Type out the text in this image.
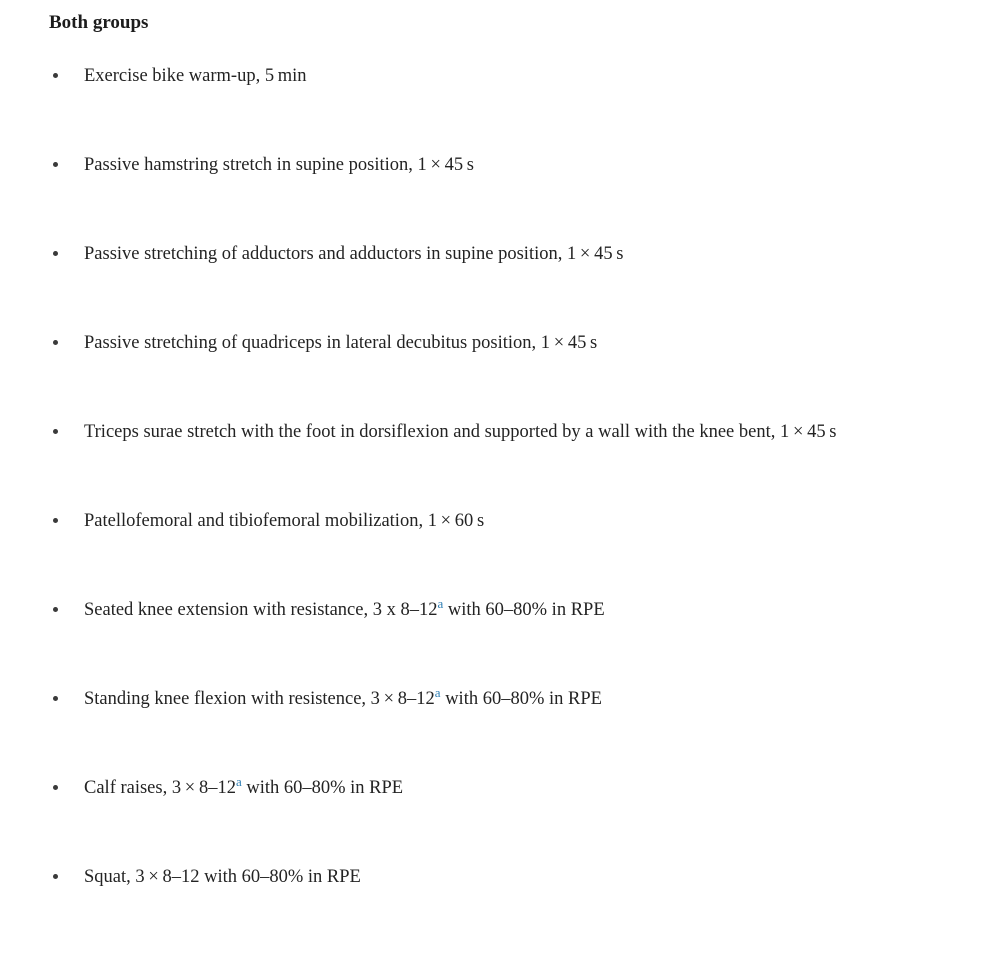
Both groups
Exercise bike warm-up, 5 min
Passive hamstring stretch in supine position, 1 × 45 s
Passive stretching of adductors and adductors in supine position, 1 × 45 s
Passive stretching of quadriceps in lateral decubitus position, 1 × 45 s
Triceps surae stretch with the foot in dorsiflexion and supported by a wall with the knee bent, 1 × 45 s
Patellofemoral and tibiofemoral mobilization, 1 × 60 s
Seated knee extension with resistance, 3 x 8–12$^a$ with 60–80% in RPE
Standing knee flexion with resistence, 3 × 8–12$^a$ with 60–80% in RPE
Calf raises, 3 × 8–12$^a$ with 60–80% in RPE
Squat, 3 × 8–12 with 60–80% in RPE
